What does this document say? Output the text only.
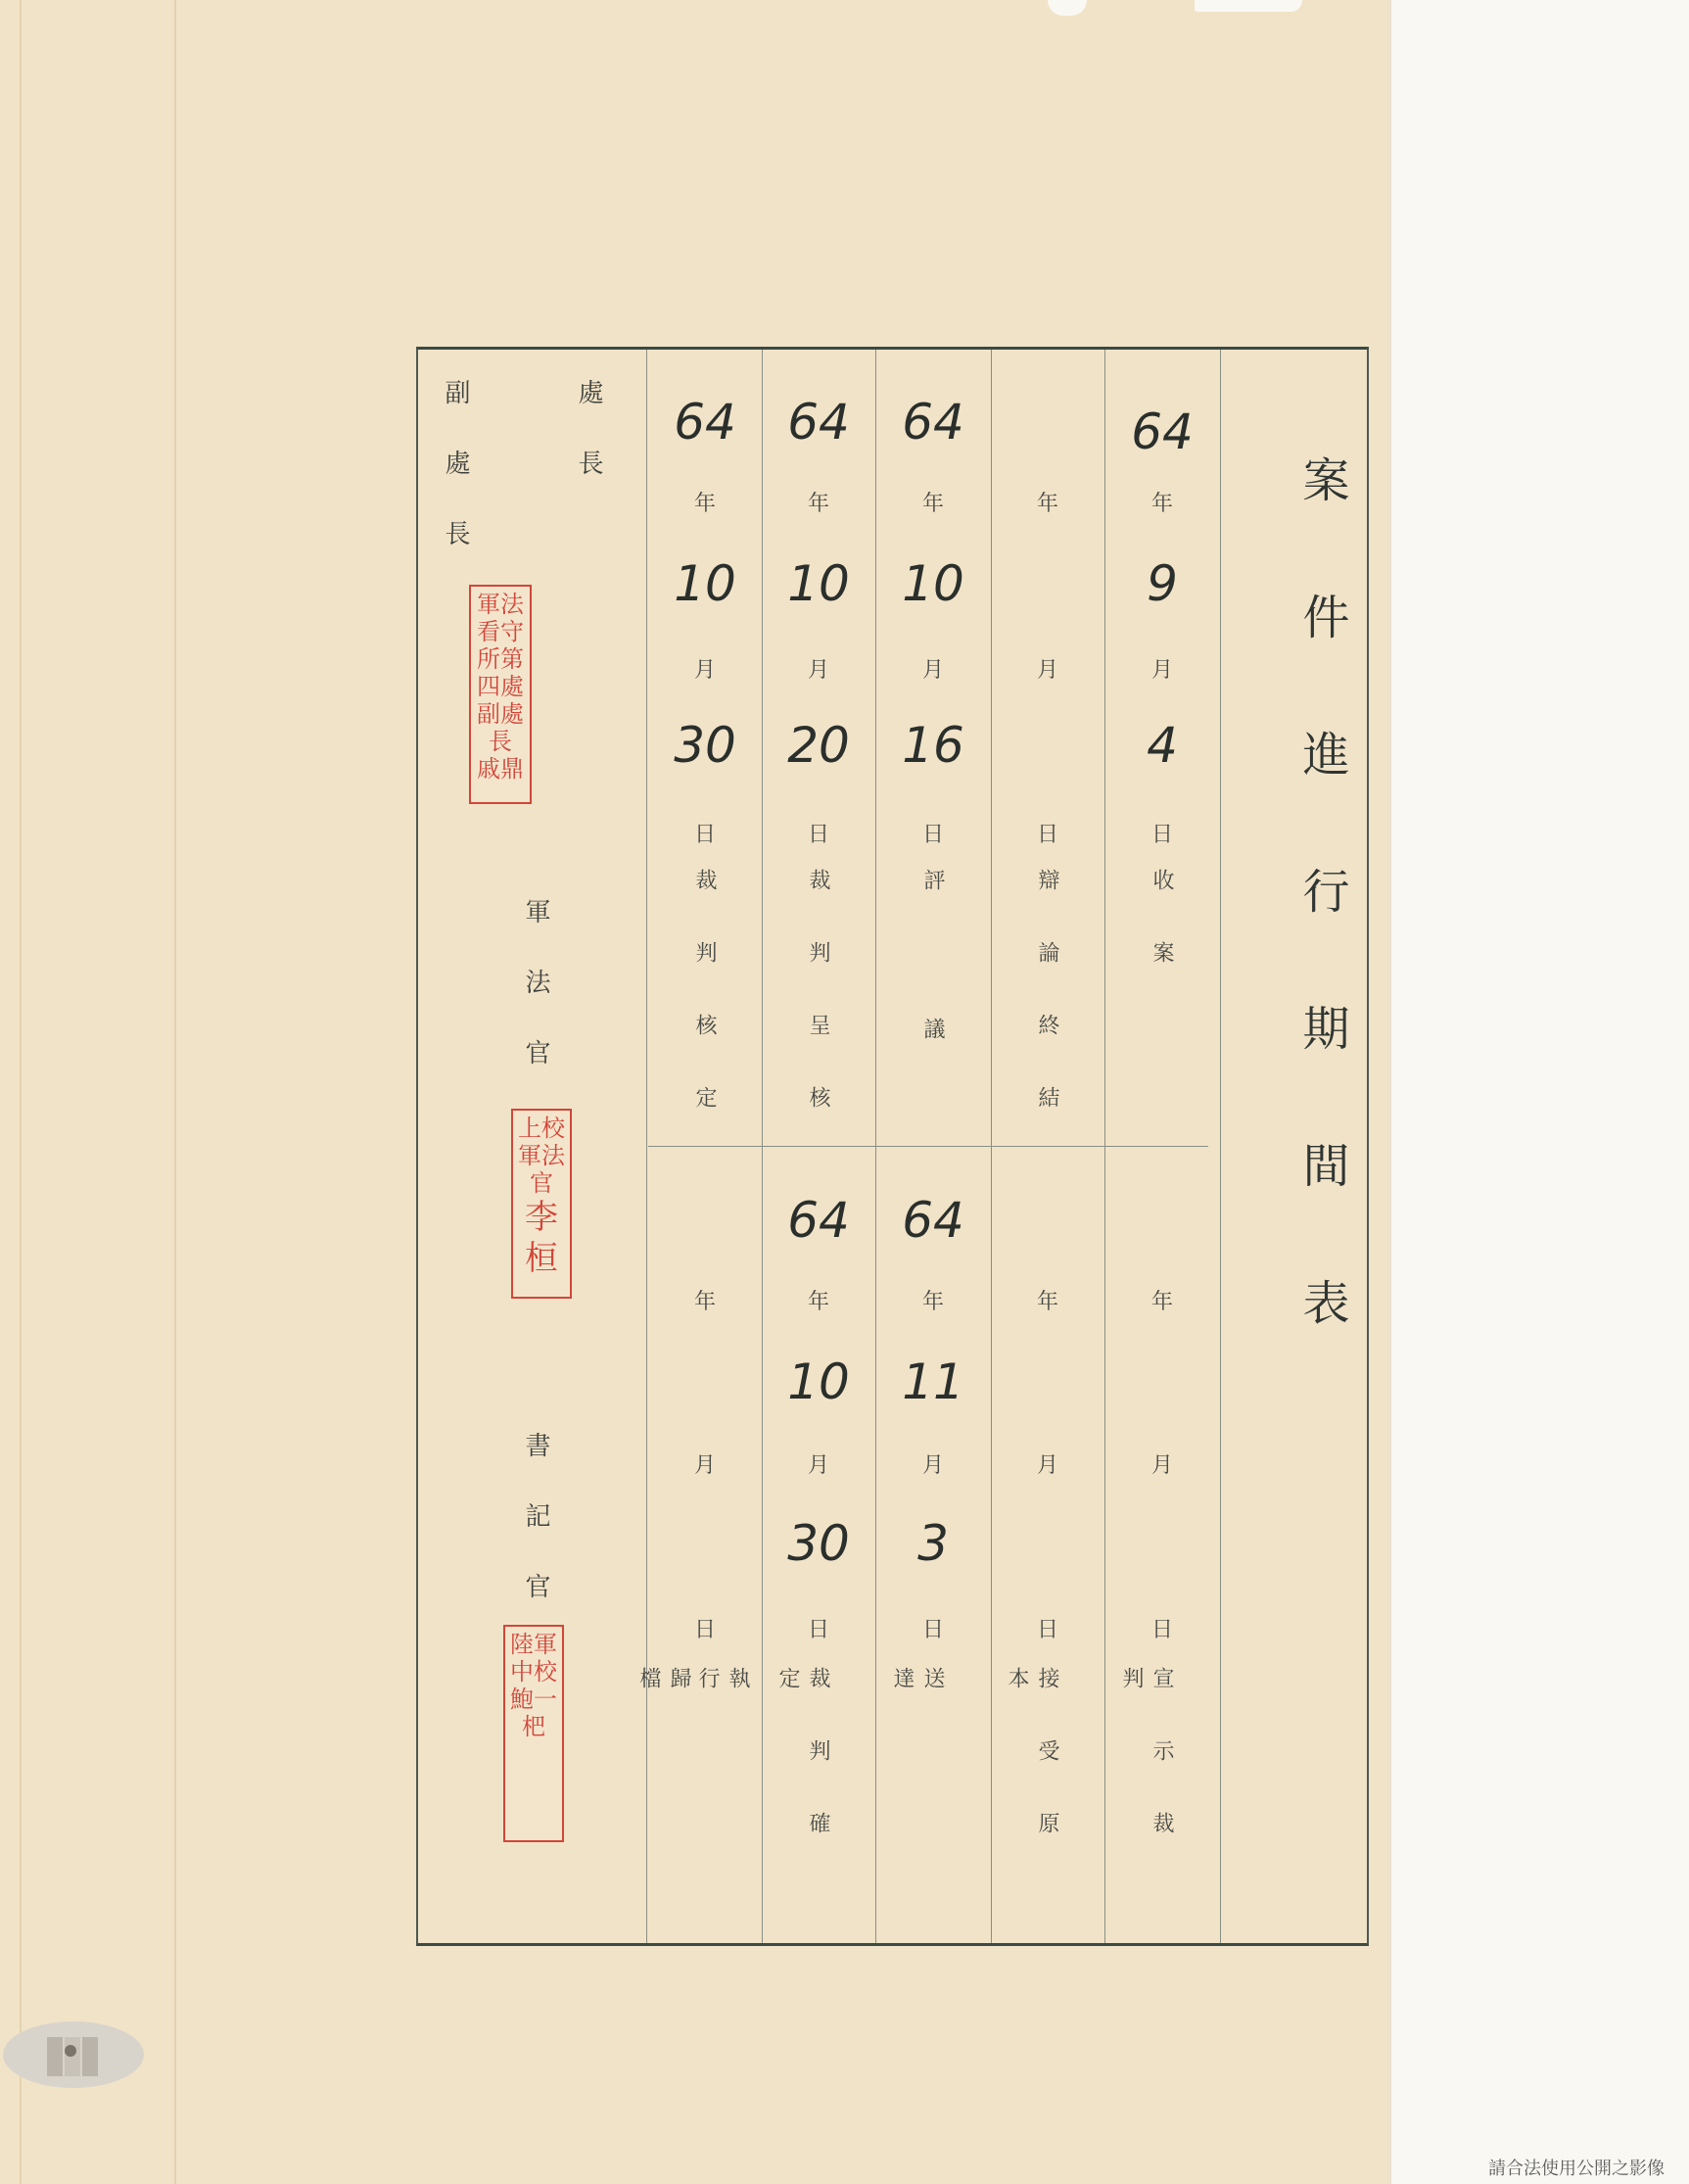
案件進行期間表
處長
副處長
軍法官
書記官
軍法
看守
所第四處
副處長
戚鼎
上校
軍法官
李
桓
陸軍
中校
鮑一杷
64
年
9
月
4
日
收案
年
月
日
辯論終結
64
年
10
月
16
日
評議
64
年
10
月
20
日
裁判呈核
64
年
10
月
30
日
裁判核定
年
月
日
宣示裁判
年
月
日
接受原本
64
年
11
月
3
日
送達
64
年
10
月
30
日
裁判確定
年
月
日
執行
歸檔
請合法使用公開之影像
